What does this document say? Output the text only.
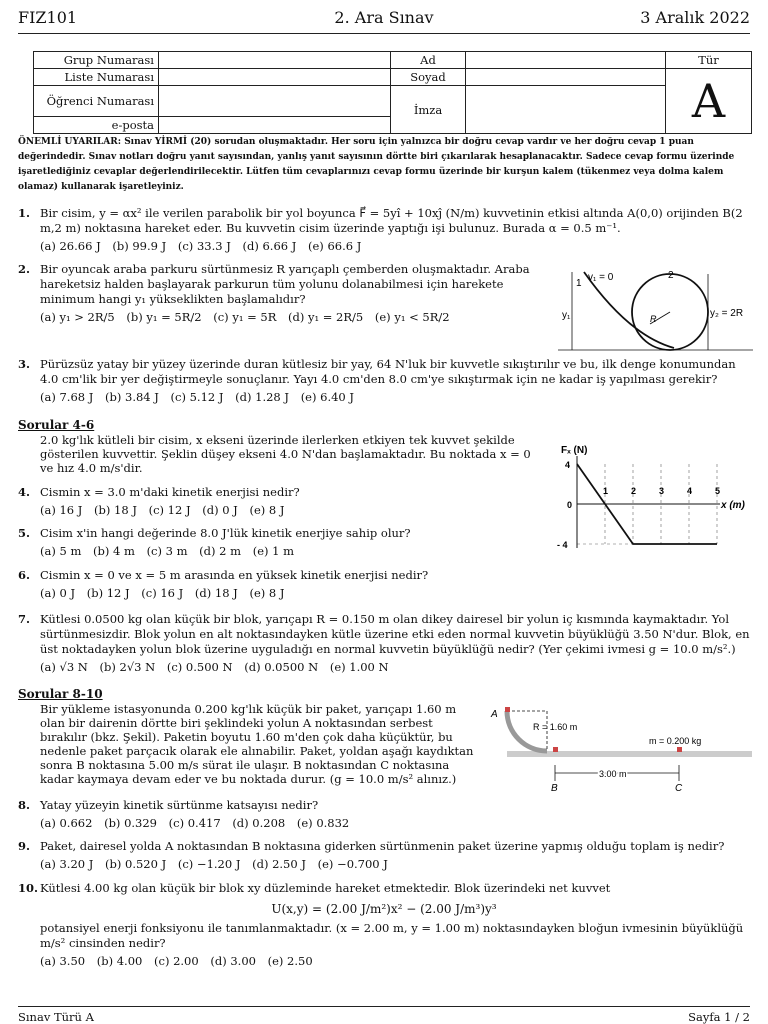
FIZ101	2. Ara Sınav	3 Aralık 2022
Grup Numarası		Ad		Tür
Liste Numarası		Soyad		A
Öğrenci Numarası		İmza		
e-posta				
ÖNEMLİ UYARILAR: Sınav YİRMİ (20) sorudan oluşmaktadır. Her soru için yalnızca bir doğru cevap vardır ve her doğru cevap 1 puan değerindedir. Sınav notları doğru yanıt sayısından, yanlış yanıt sayısının dörtte biri çıkarılarak hesaplanacaktır. Sadece cevap formu üzerinde işaretlediğiniz cevaplar değerlendirilecektir. Lütfen tüm cevaplarınızı cevap formu üzerinde bir kurşun kalem (tükenmez veya dolma kalem olamaz) kullanarak işaretleyiniz.
1. Bir cisim, y = αx² ile verilen parabolik bir yol boyunca F⃗ = 5yî + 10xĵ (N/m) kuvvetinin etkisi altında A(0,0) orijinden B(2 m,2 m) noktasına hareket eder. Bu kuvvetin cisim üzerinde yaptığı işi bulunuz. Burada α = 0.5 m⁻¹.
(a) 26.66 J (b) 99.9 J (c) 33.3 J (d) 6.66 J (e) 66.6 J
2. Bir oyuncak araba parkuru sürtünmesiz R yarıçaplı çemberden oluşmaktadır. Araba hareketsiz halden başlayarak parkurun tüm yolunu dolanabilmesi için harekete minimum hangi y₁ yükseklikten başlamalıdır?
(a) y₁ > 2R/5 (b) y₁ = 5R/2 (c) y₁ = 5R (d) y₁ = 2R/5 (e) y₁ < 5R/2
v₁ = 0
1
2
y₁	y₂ = 2R
R
3. Pürüzsüz yatay bir yüzey üzerinde duran kütlesiz bir yay, 64 N'luk bir kuvvetle sıkıştırılır ve bu, ilk denge konumundan 4.0 cm'lik bir yer değiştirmeyle sonuçlanır. Yayı 4.0 cm'den 8.0 cm'ye sıkıştırmak için ne kadar iş yapılması gerekir?
(a) 7.68 J (b) 3.84 J (c) 5.12 J (d) 1.28 J (e) 6.40 J
Sorular 4-6
2.0 kg'lık kütleli bir cisim, x ekseni üzerinde ilerlerken etkiyen tek kuvvet şekilde gösterilen kuvvettir. Şeklin düşey ekseni 4.0 N'dan başlamaktadır. Bu noktada x = 0 ve hız 4.0 m/s'dir.
Fₓ (N)
x (m)
4
0
- 4
1	2	3	4	5
4. Cismin x = 3.0 m'daki kinetik enerjisi nedir?
(a) 16 J (b) 18 J (c) 12 J (d) 0 J (e) 8 J
5. Cisim x'in hangi değerinde 8.0 J'lük kinetik enerjiye sahip olur?
(a) 5 m (b) 4 m (c) 3 m (d) 2 m (e) 1 m
6. Cismin x = 0 ve x = 5 m arasında en yüksek kinetik enerjisi nedir?
(a) 0 J (b) 12 J (c) 16 J (d) 18 J (e) 8 J
7. Kütlesi 0.0500 kg olan küçük bir blok, yarıçapı R = 0.150 m olan dikey dairesel bir yolun iç kısmında kaymaktadır. Yol sürtünmesizdir. Blok yolun en alt noktasındayken kütle üzerine etki eden normal kuvvetin büyüklüğü 3.50 N'dur. Blok, en üst noktadayken yolun blok üzerine uyguladığı en normal kuvvetin büyüklüğü nedir? (Yer çekimi ivmesi g = 10.0 m/s².)
(a) √3 N (b) 2√3 N (c) 0.500 N (d) 0.0500 N (e) 1.00 N
Sorular 8-10
Bir yükleme istasyonunda 0.200 kg'lık küçük bir paket, yarıçapı 1.60 m olan bir dairenin dörtte biri şeklindeki yolun A noktasından serbest bırakılır (bkz. Şekil). Paketin boyutu 1.60 m'den çok daha küçüktür, bu nedenle paket parçacık olarak ele alınabilir. Paket, yoldan aşağı kaydıktan sonra B noktasına 5.00 m/s sürat ile ulaşır. B noktasından C noktasına kadar kaymaya devam eder ve bu noktada durur. (g = 10.0 m/s² alınız.)
A
B	C
R = 1.60 m
m = 0.200 kg
3.00 m
8. Yatay yüzeyin kinetik sürtünme katsayısı nedir?
(a) 0.662 (b) 0.329 (c) 0.417 (d) 0.208 (e) 0.832
9. Paket, dairesel yolda A noktasından B noktasına giderken sürtünmenin paket üzerine yapmış olduğu toplam iş nedir?
(a) 3.20 J (b) 0.520 J (c) −1.20 J (d) 2.50 J (e) −0.700 J
10. Kütlesi 4.00 kg olan küçük bir blok xy düzleminde hareket etmektedir. Blok üzerindeki net kuvvet
U(x,y) = (2.00 J/m²)x² − (2.00 J/m³)y³
potansiyel enerji fonksiyonu ile tanımlanmaktadır. (x = 2.00 m, y = 1.00 m) noktasındayken bloğun ivmesinin büyüklüğü m/s² cinsinden nedir?
(a) 3.50 (b) 4.00 (c) 2.00 (d) 3.00 (e) 2.50
Sınav Türü A	Sayfa 1 / 2
